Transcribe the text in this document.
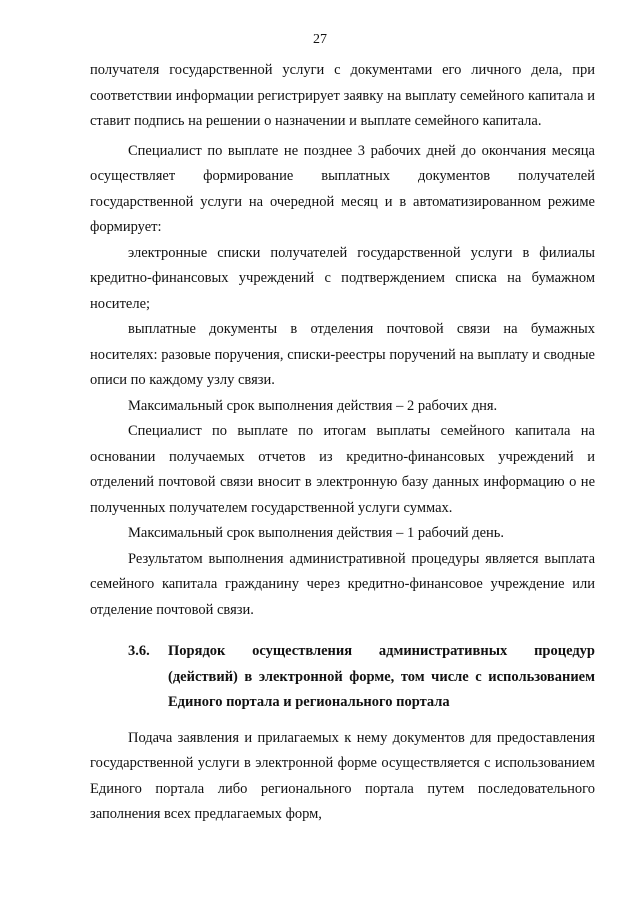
27

получателя государственной услуги с документами его личного дела, при соответствии информации регистрирует заявку на выплату семейного капитала и ставит подпись на решении о назначении и выплате семейного капитала.

Специалист по выплате не позднее 3 рабочих дней до окончания месяца осуществляет формирование выплатных документов получателей государственной услуги на очередной месяц и в автоматизированном режиме формирует:

электронные списки получателей государственной услуги в филиалы кредитно-финансовых учреждений с подтверждением списка на бумажном носителе;

выплатные документы в отделения почтовой связи на бумажных носителях: разовые поручения, списки-реестры поручений на выплату и сводные описи по каждому узлу связи.

Максимальный срок выполнения действия – 2 рабочих дня.

Специалист по выплате по итогам выплаты семейного капитала на основании получаемых отчетов из кредитно-финансовых учреждений и отделений почтовой связи вносит в электронную базу данных информацию о не полученных получателем государственной услуги суммах.

Максимальный срок выполнения действия – 1 рабочий день.

Результатом выполнения административной процедуры является выплата семейного капитала гражданину через кредитно-финансовое учреждение или отделение почтовой связи.

3.6.	Порядок осуществления административных процедур (действий) в электронной форме, том числе с использованием Единого портала и регионального портала

Подача заявления и прилагаемых к нему документов для предоставления государственной услуги в электронной форме осуществляется с использованием Единого портала либо регионального портала путем последовательного заполнения всех предлагаемых форм,
